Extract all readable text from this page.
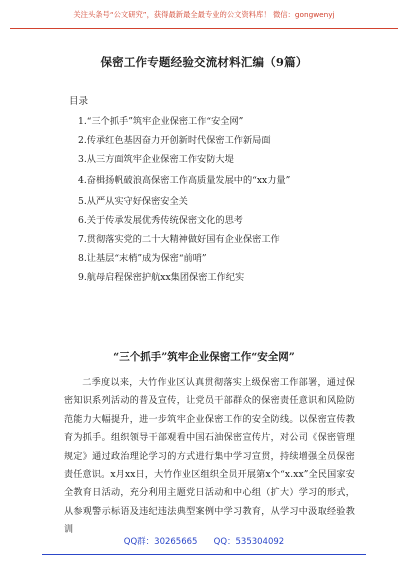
关注头条号“公文研究”，获得最新最全最专业的公文资料库！ 微信：gongwenyj
保密工作专题经验交流材料汇编（9篇）
目录
1.“三个抓手”筑牢企业保密工作“安全网”
2.传承红色基因奋力开创新时代保密工作新局面
3.从三方面筑牢企业保密工作安防大堤
4.奋楫扬帆破浪高保密工作高质量发展中的“xx力量”
5.从严从实守好保密安全关
6.关于传承发展优秀传统保密文化的思考
7.贯彻落实党的二十大精神做好国有企业保密工作
8.让基层“末梢”成为保密“前哨”
9.航母启程保密护航xx集团保密工作纪实
“三个抓手”筑牢企业保密工作“安全网”

二季度以来，大竹作业区认真贯彻落实上级保密工作部署，通过保密知识系列活动的普及宣传，让党员干部群众的保密责任意识和风险防范能力大幅提升，进一步筑牢企业保密工作的安全防线。以保密宣传教育为抓手。组织领导干部观看中国石油保密宣传片，对公司《保密管理规定》通过政治理论学习的方式进行集中学习宣贯，持续增强全员保密责任意识。x月xx日，大竹作业区组织全员开展第x个“x.xx”全民国家安全教育日活动，充分利用主题党日活动和中心组（扩大）学习的形式，从参观警示标语及违纪违法典型案例中学习教育，从学习中汲取经验教训

QQ群：30265665      QQ：535304092
